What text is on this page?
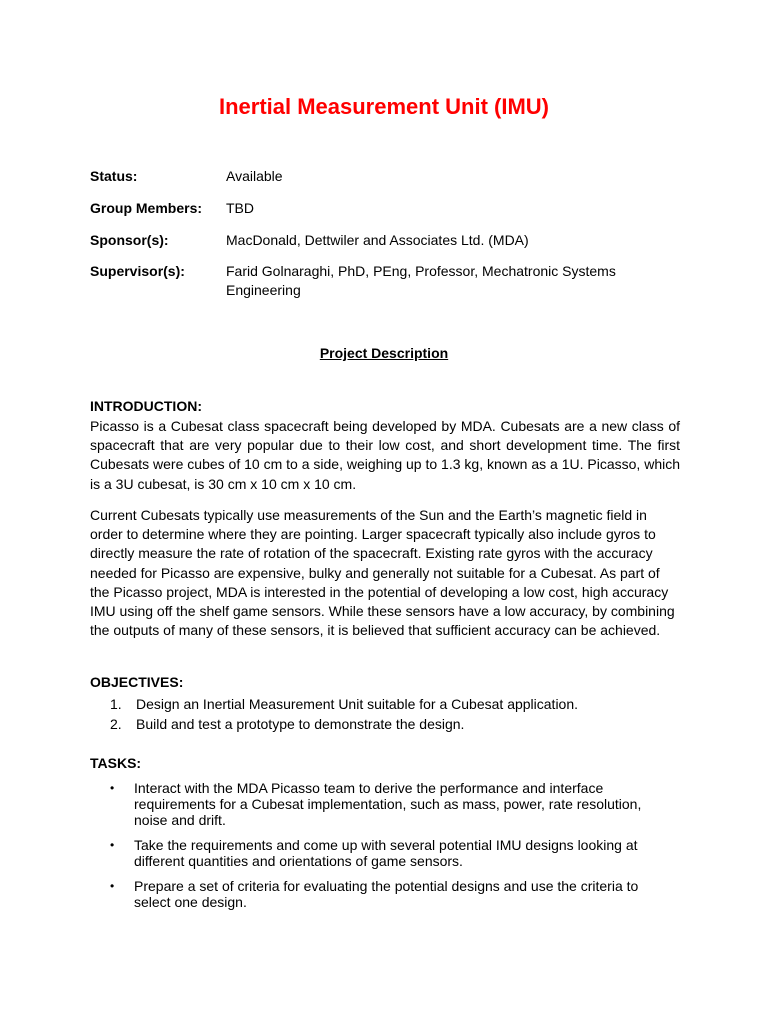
Inertial Measurement Unit (IMU)
Status:	Available
Group Members: TBD
Sponsor(s):	MacDonald, Dettwiler and Associates Ltd. (MDA)
Supervisor(s):	Farid Golnaraghi, PhD, PEng, Professor, Mechatronic Systems Engineering
Project Description
INTRODUCTION:
Picasso is a Cubesat class spacecraft being developed by MDA. Cubesats are a new class of spacecraft that are very popular due to their low cost, and short development time. The first Cubesats were cubes of 10 cm to a side, weighing up to 1.3 kg, known as a 1U. Picasso, which is a 3U cubesat, is 30 cm x 10 cm x 10 cm.
Current Cubesats typically use measurements of the Sun and the Earth’s magnetic field in order to determine where they are pointing. Larger spacecraft typically also include gyros to directly measure the rate of rotation of the spacecraft. Existing rate gyros with the accuracy needed for Picasso are expensive, bulky and generally not suitable for a Cubesat. As part of the Picasso project, MDA is interested in the potential of developing a low cost, high accuracy IMU using off the shelf game sensors. While these sensors have a low accuracy, by combining the outputs of many of these sensors, it is believed that sufficient accuracy can be achieved.
OBJECTIVES:
1.	Design an Inertial Measurement Unit suitable for a Cubesat application.
2.	Build and test a prototype to demonstrate the design.
TASKS:
•	Interact with the MDA Picasso team to derive the performance and interface requirements for a Cubesat implementation, such as mass, power, rate resolution, noise and drift.
•	Take the requirements and come up with several potential IMU designs looking at different quantities and orientations of game sensors.
•	Prepare a set of criteria for evaluating the potential designs and use the criteria to select one design.
